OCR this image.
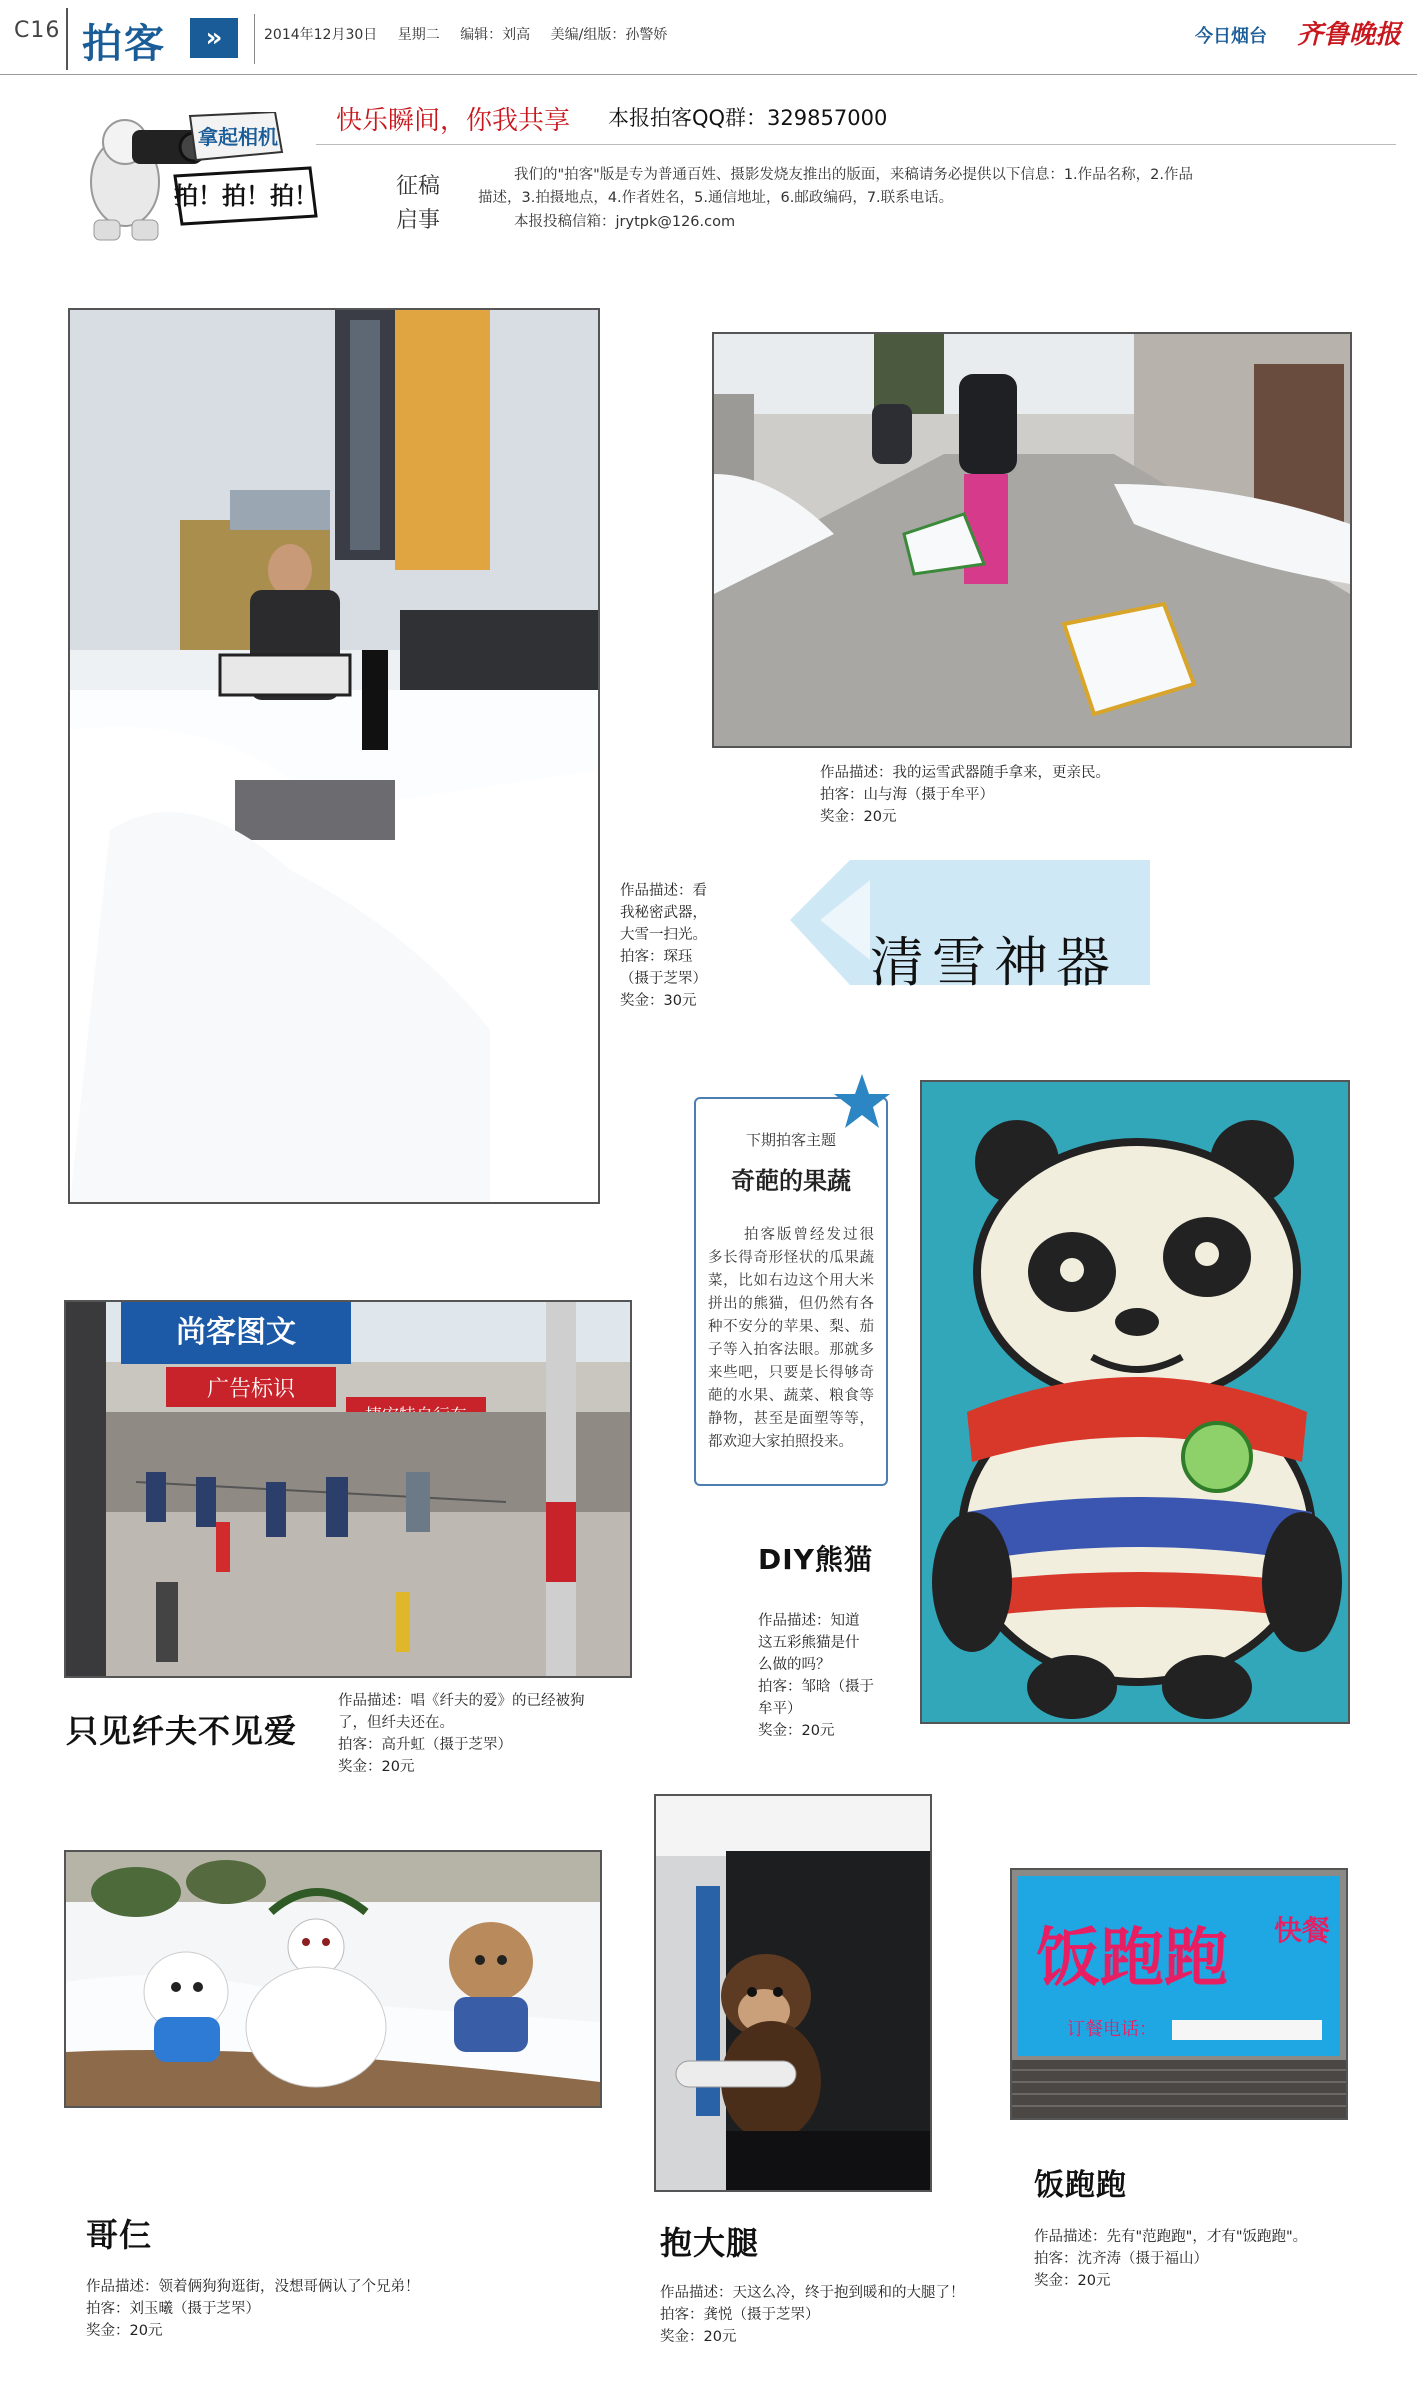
C16 拍客	»	2014年12月30日 星期二 编辑：刘高 美编/组版：孙警娇	今日烟台 齐鲁晚报
拿起相机
拍！拍！拍！
快乐瞬间，你我共享 本报拍客QQ群：329857000
征稿启事
我们的"拍客"版是专为普通百姓、摄影发烧友推出的版面，来稿请务必提供以下信息：1.作品名称，2.作品描述，3.拍摄地点，4.作者姓名，5.通信地址，6.邮政编码，7.联系电话。
本报投稿信箱：jrytpk@126.com
作品描述：看
我秘密武器，
大雪一扫光。
拍客：琛珏
（摄于芝罘）
奖金：30元
作品描述：我的运雪武器随手拿来，更亲民。
拍客：山与海（摄于牟平）
奖金：20元
清雪神器
下期拍客主题
奇葩的果蔬
拍客版曾经发过很多长得奇形怪状的瓜果蔬菜，比如右边这个用大米拼出的熊猫，但仍然有各种不安分的苹果、梨、茄子等入拍客法眼。那就多来些吧，只要是长得够奇葩的水果、蔬菜、粮食等静物，甚至是面塑等等，都欢迎大家拍照投来。
DIY熊猫
作品描述：知道
这五彩熊猫是什
么做的吗？
拍客：邹晗（摄于
牟平）
奖金：20元
尚客图文
广告标识
只见纤夫不见爱
作品描述：唱《纤夫的爱》的已经被狗
了，但纤夫还在。
拍客：高升虹（摄于芝罘）
奖金：20元
哥仨
作品描述：领着俩狗狗逛街，没想哥俩认了个兄弟！
拍客：刘玉曦（摄于芝罘）
奖金：20元
抱大腿
作品描述：天这么冷，终于抱到暖和的大腿了！
拍客：龚悦（摄于芝罘）
奖金：20元
饭跑跑 快餐
订餐电话：
饭跑跑
作品描述：先有"范跑跑"，才有"饭跑跑"。
拍客：沈齐涛（摄于福山）
奖金：20元
